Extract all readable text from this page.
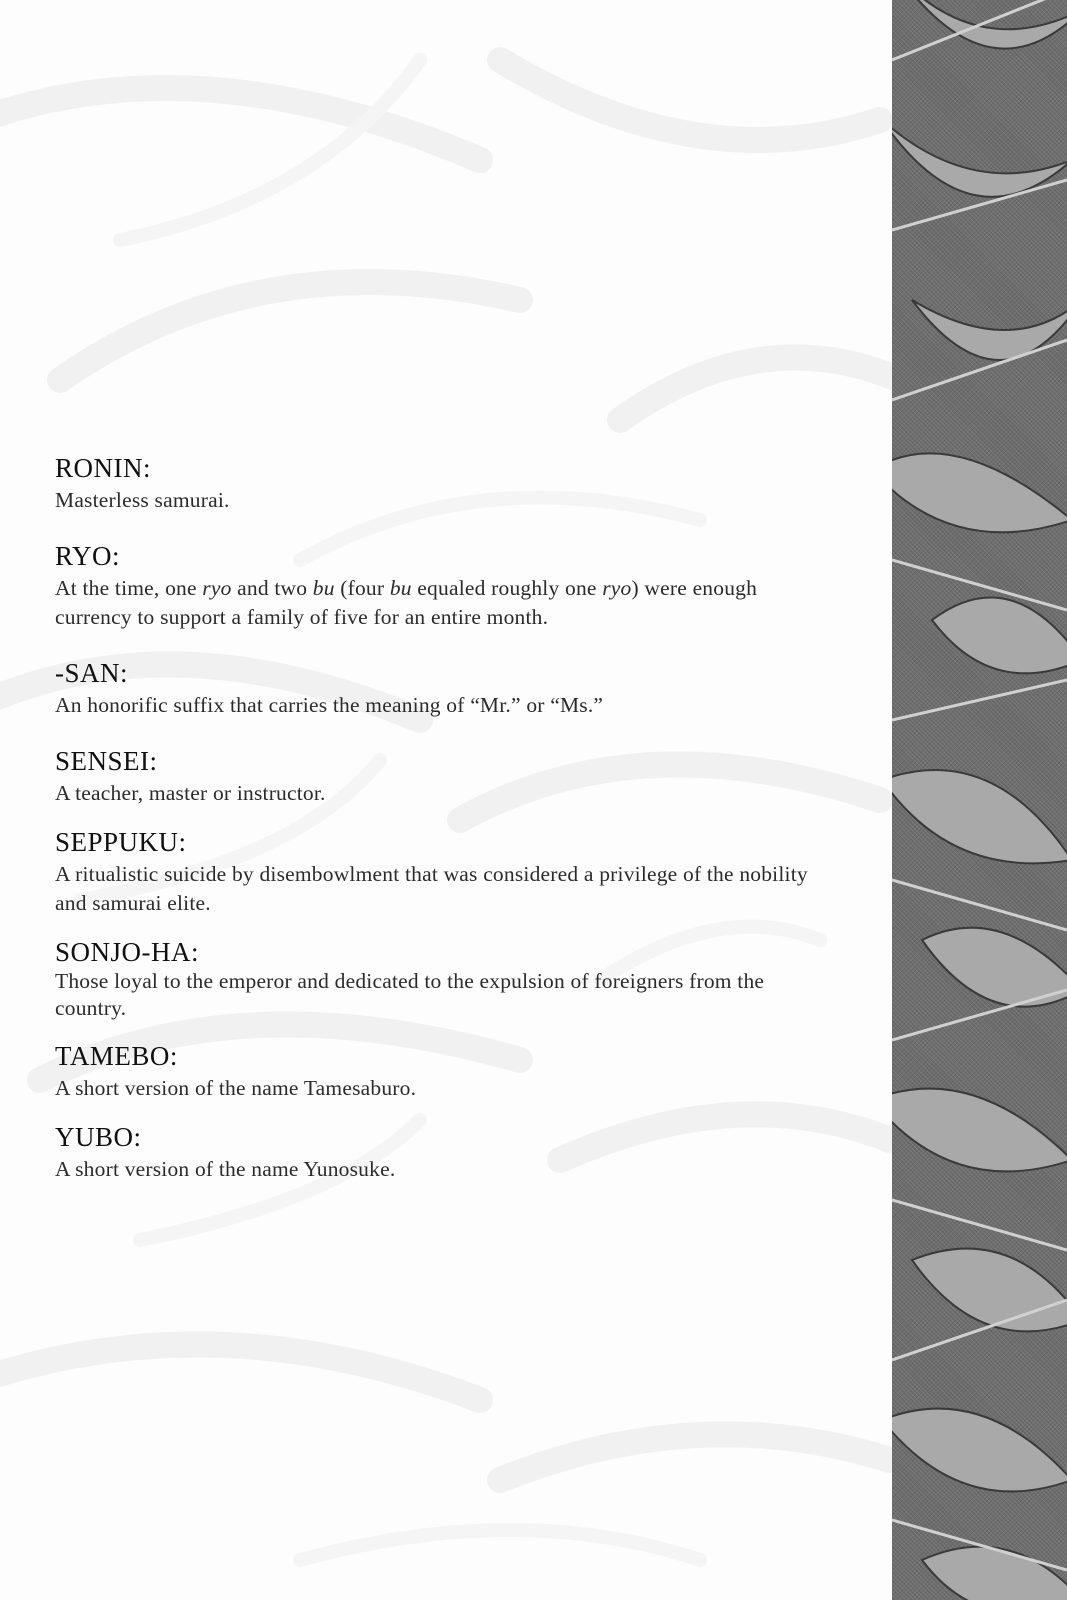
RONIN:

Masterless samurai.

RYO:

At the time, one ryo and two bu (four bu equaled roughly one ryo) were enough currency to support a family of five for an entire month.

-SAN:

An honorific suffix that carries the meaning of “Mr.” or “Ms.”

SENSEI:

A teacher, master or instructor.

SEPPUKU:

A ritualistic suicide by disembowlment that was considered a privilege of the nobility and samurai elite.

SONJO-HA:

Those loyal to the emperor and dedicated to the expulsion of foreigners from the country.

TAMEBO:

A short version of the name Tamesaburo.

YUBO:

A short version of the name Yunosuke.
